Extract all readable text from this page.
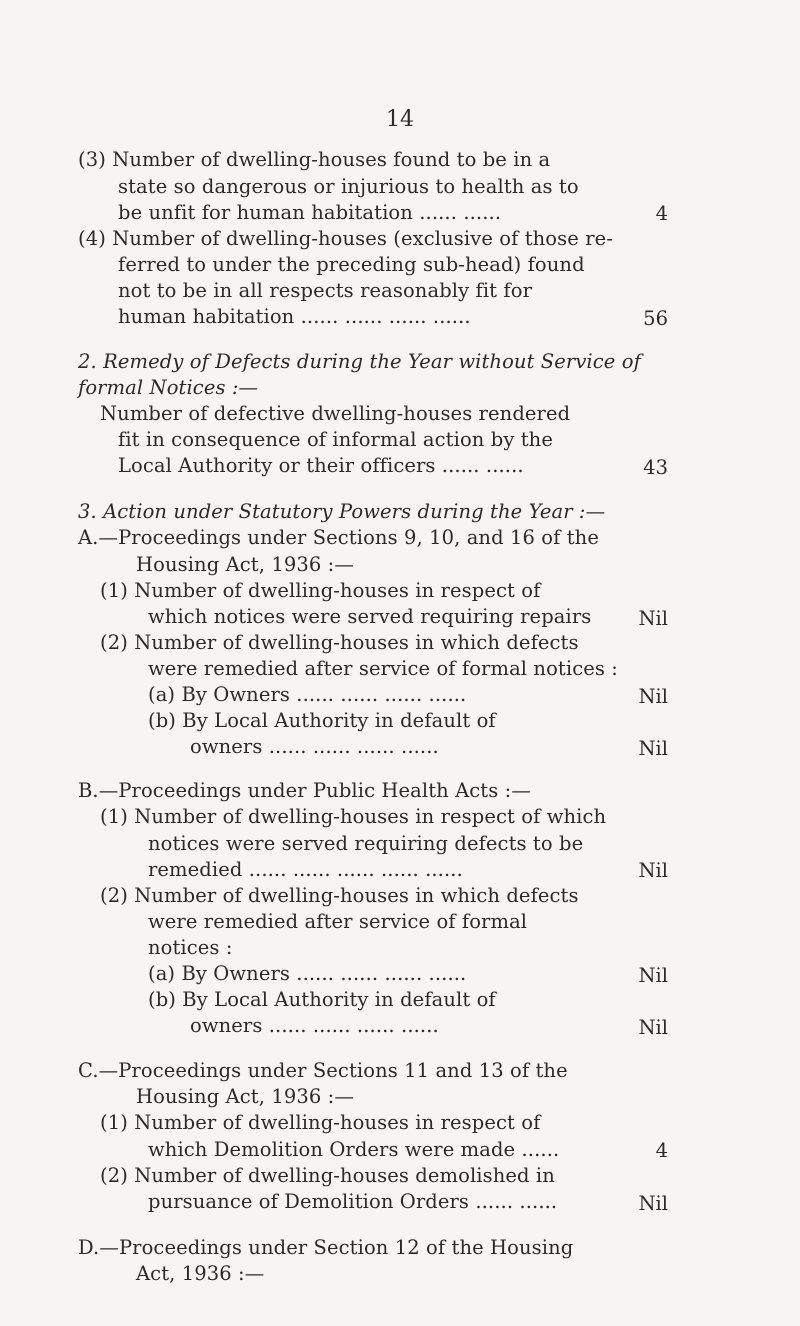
14
(3) Number of dwelling-houses found to be in a
state so dangerous or injurious to health as to
be unfit for human habitation ...... ......	4
(4) Number of dwelling-houses (exclusive of those re-
ferred to under the preceding sub-head) found
not to be in all respects reasonably fit for
human habitation ...... ...... ...... ......	56
2. Remedy of Defects during the Year without Service of
formal Notices :—
Number of defective dwelling-houses rendered
fit in consequence of informal action by the
Local Authority or their officers ...... ......	43
3. Action under Statutory Powers during the Year :—
A.—Proceedings under Sections 9, 10, and 16 of the
Housing Act, 1936 :—
(1) Number of dwelling-houses in respect of
which notices were served requiring repairs	Nil
(2) Number of dwelling-houses in which defects
were remedied after service of formal notices :
(a) By Owners ...... ...... ...... ......	Nil
(b) By Local Authority in default of
owners ...... ...... ...... ......	Nil
B.—Proceedings under Public Health Acts :—
(1) Number of dwelling-houses in respect of which
notices were served requiring defects to be
remedied ...... ...... ...... ...... ......	Nil
(2) Number of dwelling-houses in which defects
were remedied after service of formal
notices :
(a) By Owners ...... ...... ...... ......	Nil
(b) By Local Authority in default of
owners ...... ...... ...... ......	Nil
C.—Proceedings under Sections 11 and 13 of the
Housing Act, 1936 :—
(1) Number of dwelling-houses in respect of
which Demolition Orders were made ......	4
(2) Number of dwelling-houses demolished in
pursuance of Demolition Orders ...... ......	Nil
D.—Proceedings under Section 12 of the Housing
Act, 1936 :—
